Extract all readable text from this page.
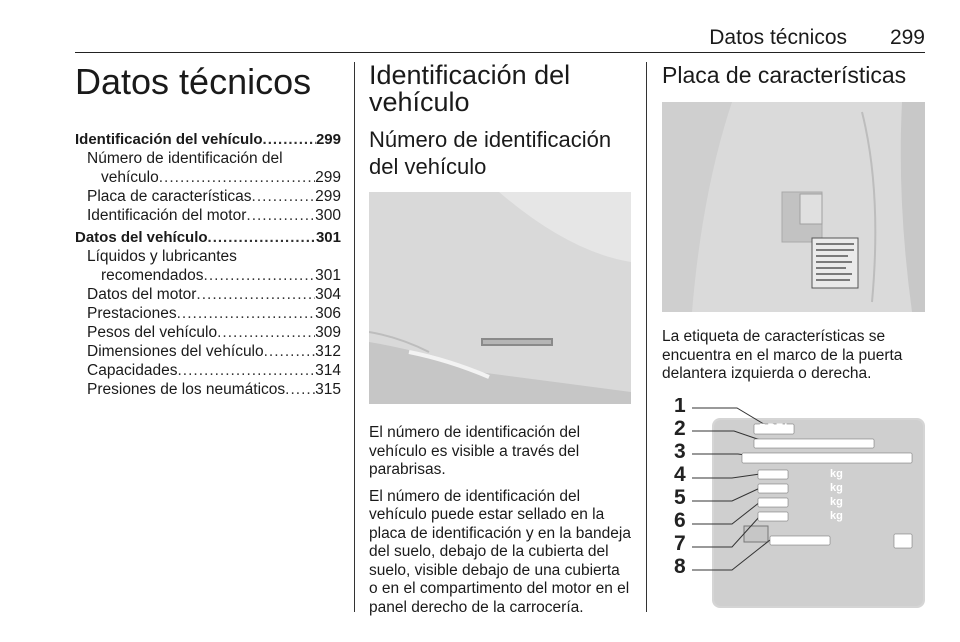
Datos técnicos 299
Datos técnicos
Identificación del vehículo .....	299
Número de identificación del
vehículo .....	299
Placa de características .....	299
Identificación del motor .....	300
Datos del vehículo .....	301
Líquidos y lubricantes
recomendados .....	301
Datos del motor .....	304
Prestaciones .....	306
Pesos del vehículo .....	309
Dimensiones del vehículo .....	312
Capacidades .....	314
Presiones de los neumáticos ..... 315
Identificación del
vehículo
Número de identificación
del vehículo

El número de identificación del vehículo es visible a través del parabrisas.

El número de identificación del vehículo puede estar sellado en la placa de identificación y en la bandeja del suelo, debajo de la cubierta del suelo, visible debajo de una cubierta o en el compartimento del motor en el panel derecho de la carrocería.

Placa de características

La etiqueta de características se encuentra en el marco de la puerta delantera izquierda o derecha.

1
2
3
4
5
6
7
8
OPEL
kg
kg
kg
kg
